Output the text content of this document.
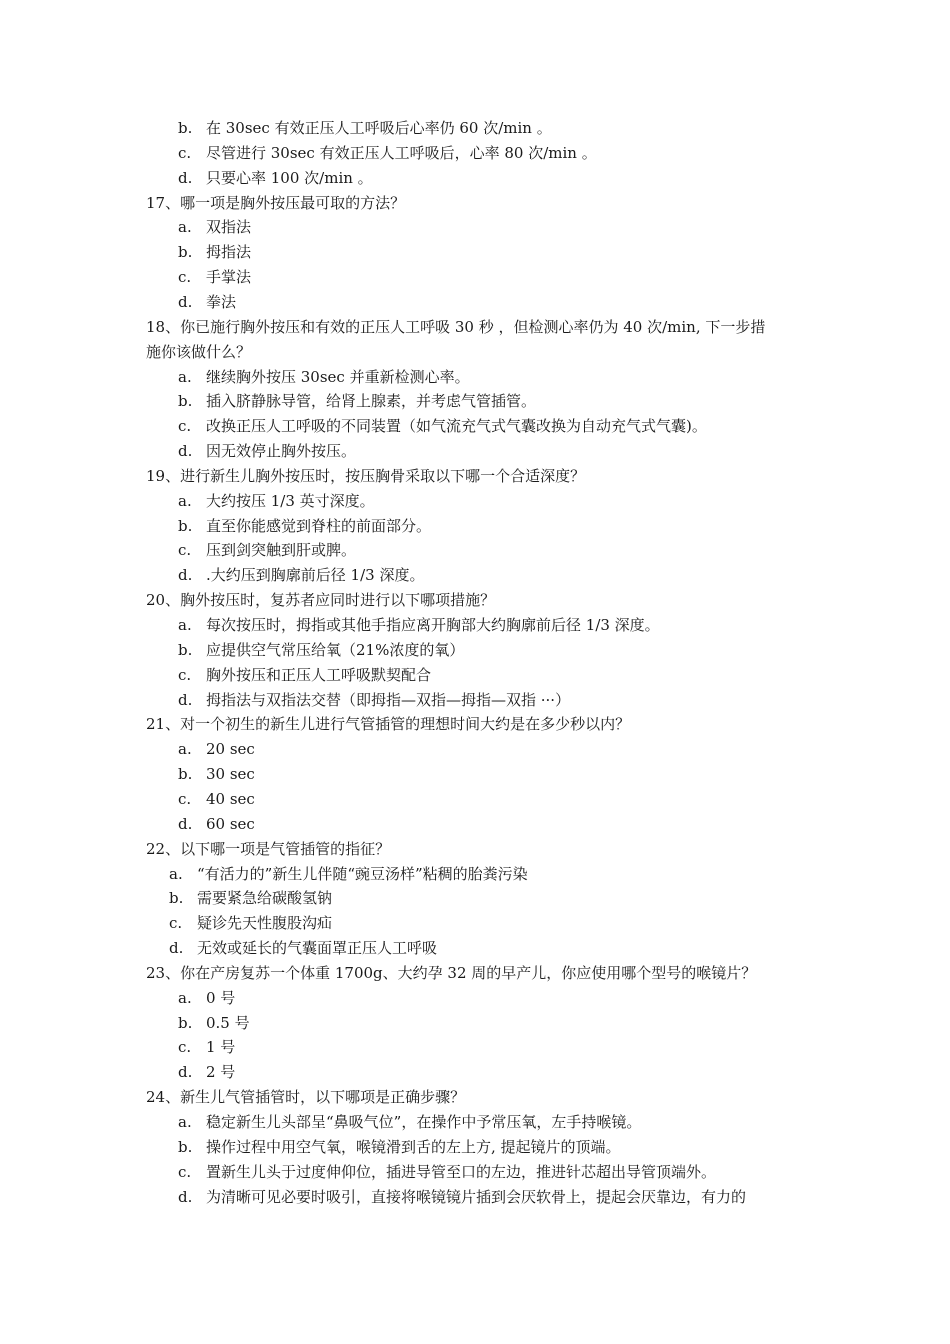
b. 在 30sec 有效正压人工呼吸后心率仍 60 次/min 。
c. 尽管进行 30sec 有效正压人工呼吸后，心率 80 次/min 。
d. 只要心率 100 次/min 。
17、哪一项是胸外按压最可取的方法？
a. 双指法
b. 拇指法
c. 手掌法
d. 拳法
18、你已施行胸外按压和有效的正压人工呼吸 30 秒 ，但检测心率仍为 40 次/min, 下一步措
施你该做什么？
a. 继续胸外按压 30sec 并重新检测心率。
b. 插入脐静脉导管，给肾上腺素，并考虑气管插管。
c. 改换正压人工呼吸的不同装置（如气流充气式气囊改换为自动充气式气囊)。
d. 因无效停止胸外按压。
19、进行新生儿胸外按压时，按压胸骨采取以下哪一个合适深度？
a. 大约按压 1/3 英寸深度。
b. 直至你能感觉到脊柱的前面部分。
c. 压到剑突触到肝或脾。
d. .大约压到胸廓前后径 1/3 深度。
20、胸外按压时，复苏者应同时进行以下哪项措施？
a. 每次按压时，拇指或其他手指应离开胸部大约胸廓前后径 1/3 深度。
b. 应提供空气常压给氧（21%浓度的氧）
c. 胸外按压和正压人工呼吸默契配合
d. 拇指法与双指法交替（即拇指—双指—拇指—双指 ···）
21、对一个初生的新生儿进行气管插管的理想时间大约是在多少秒以内？
a. 20 sec
b. 30 sec
c. 40 sec
d. 60 sec
22、以下哪一项是气管插管的指征？
a. “有活力的”新生儿伴随“豌豆汤样”粘稠的胎粪污染
b. 需要紧急给碳酸氢钠
c. 疑诊先天性腹股沟疝
d. 无效或延长的气囊面罩正压人工呼吸
23、你在产房复苏一个体重 1700g、大约孕 32 周的早产儿，你应使用哪个型号的喉镜片？
a. 0 号
b. 0.5 号
c. 1 号
d. 2 号
24、新生儿气管插管时，以下哪项是正确步骤？
a. 稳定新生儿头部呈“鼻吸气位”，在操作中予常压氧，左手持喉镜。
b. 操作过程中用空气氧，喉镜滑到舌的左上方, 提起镜片的顶端。
c. 置新生儿头于过度伸仰位，插进导管至口的左边，推进针芯超出导管顶端外。
d. 为清晰可见必要时吸引，直接将喉镜镜片插到会厌软骨上，提起会厌靠边，有力的
